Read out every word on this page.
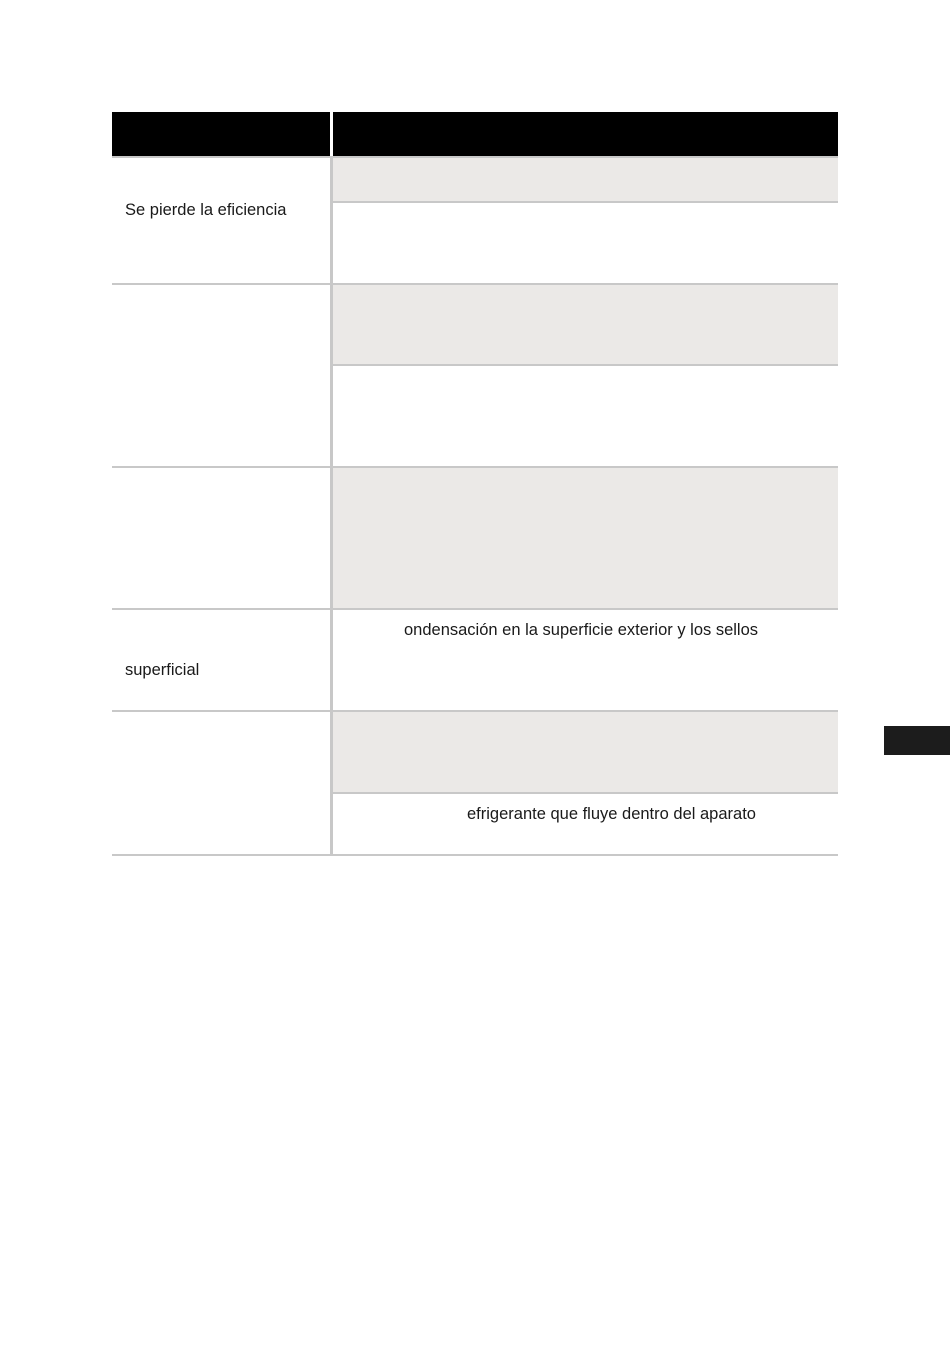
Se pierde la eficiencia
superficial
ondensación en la superficie exterior y los sellos
efrigerante que fluye dentro del aparato
